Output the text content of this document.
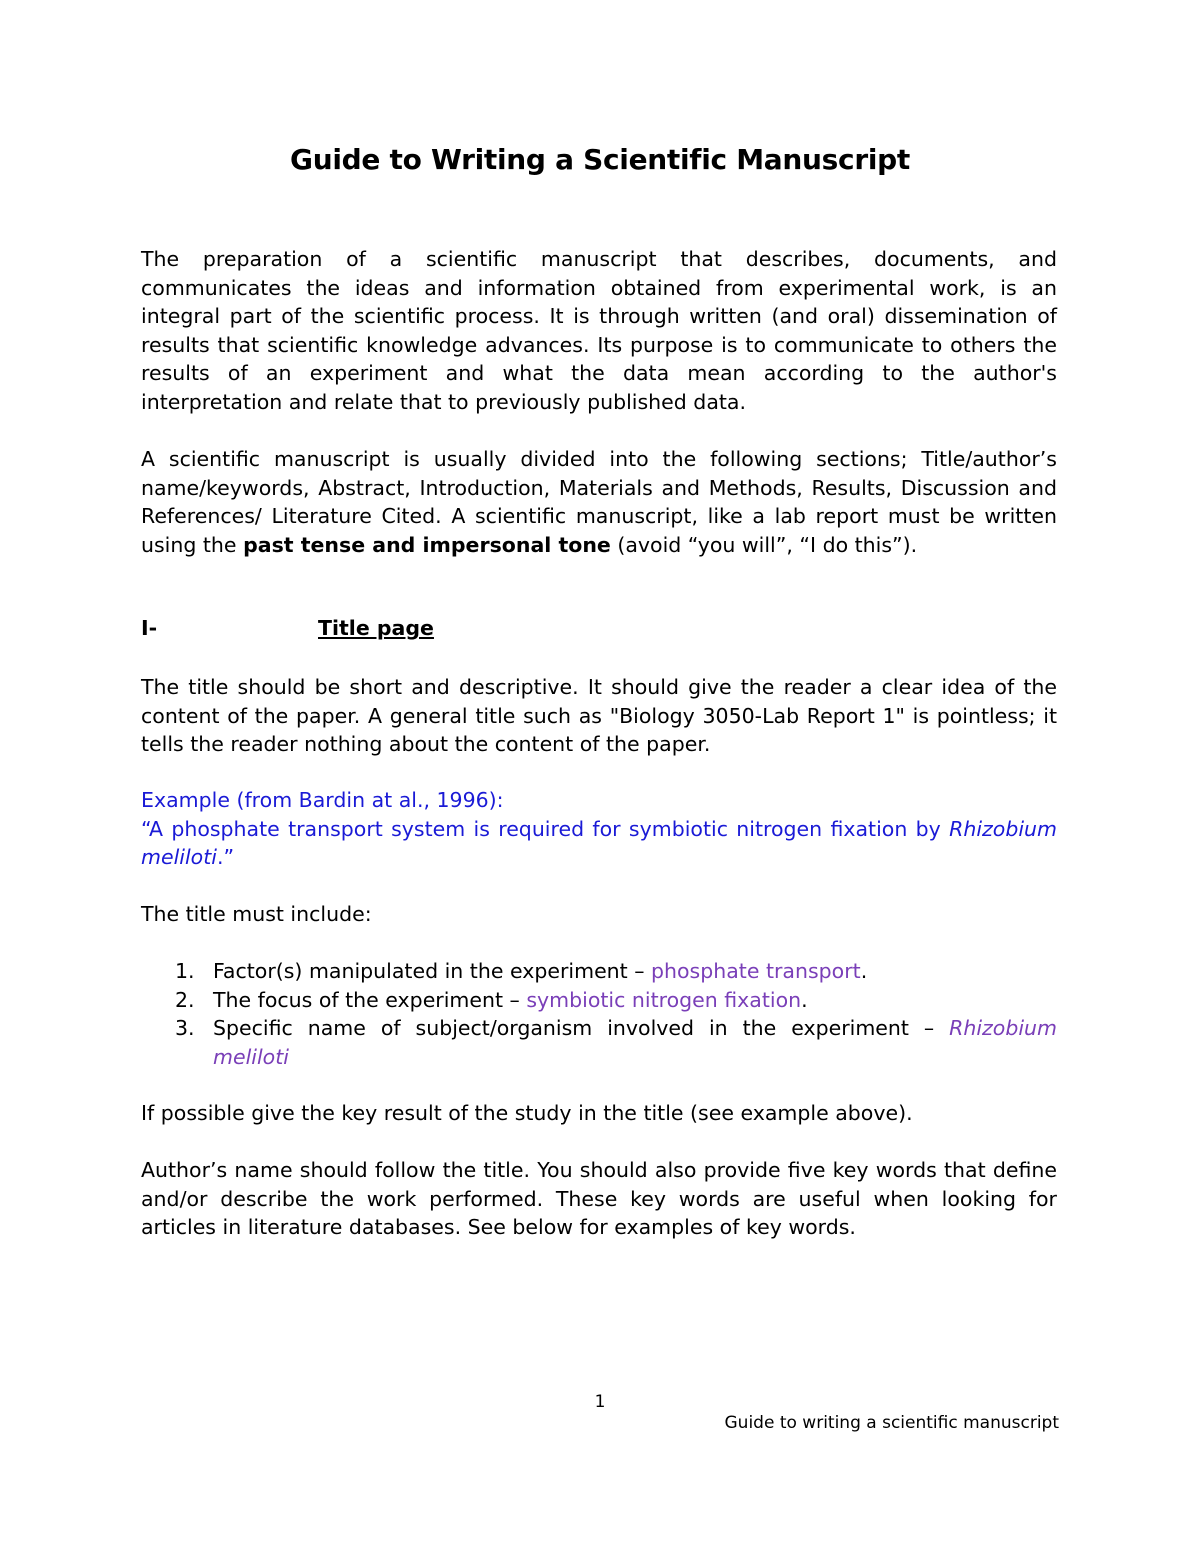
Guide to Writing a Scientific Manuscript

The preparation of a scientific manuscript that describes, documents, and
communicates the ideas and information obtained from experimental work, is an
integral part of the scientific process. It is through written (and oral) dissemination of
results that scientific knowledge advances. Its purpose is to communicate to others the
results of an experiment and what the data mean according to the author's
interpretation and relate that to previously published data.

A scientific manuscript is usually divided into the following sections; Title/author’s
name/keywords, Abstract, Introduction, Materials and Methods, Results, Discussion and
References/ Literature Cited. A scientific manuscript, like a lab report must be written
using the past tense and impersonal tone (avoid “you will”, “I do this”).

I-	Title page

The title should be short and descriptive. It should give the reader a clear idea of the
content of the paper. A general title such as "Biology 3050-Lab Report 1" is pointless; it
tells the reader nothing about the content of the paper.

Example (from Bardin at al., 1996):
“A phosphate transport system is required for symbiotic nitrogen fixation by Rhizobium
meliloti.”

The title must include:

1. Factor(s) manipulated in the experiment – phosphate transport.
2. The focus of the experiment – symbiotic nitrogen fixation.
3. Specific name of subject/organism involved in the experiment – Rhizobium
meliloti

If possible give the key result of the study in the title (see example above).

Author’s name should follow the title. You should also provide five key words that define
and/or describe the work performed. These key words are useful when looking for
articles in literature databases. See below for examples of key words.

1
Guide to writing a scientific manuscript
